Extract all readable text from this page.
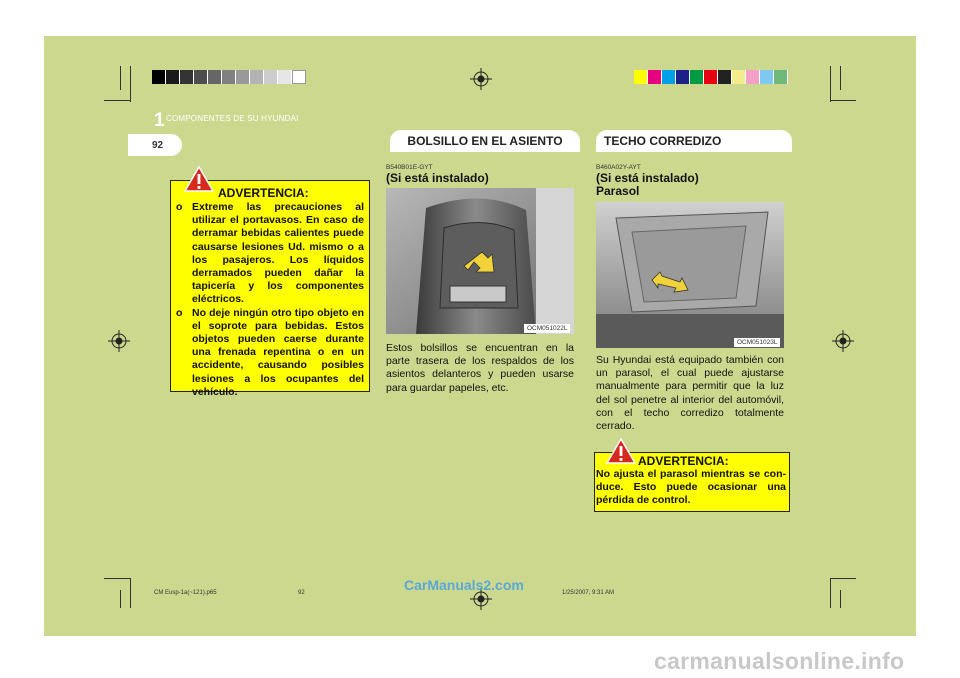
1 COMPONENTES DE SU HYUNDAI
92	BOLSILLO EN EL ASIENTO	TECHO CORREDIZO
ADVERTENCIA:
o Extreme las precauciones al utilizar el portavasos. En caso de derramar bebidas calientes puede causarse lesiones Ud. mismo o a los pasajeros. Los líquidos derramados pueden dañar la tapicería y los componentes eléctricos.
o No deje ningún otro tipo objeto en el soprote para bebidas. Estos objetos pueden caerse durante una frenada repentina o en un accidente, causando posibles lesiones a los ocupantes del vehículo.
B540B01E-GYT
(Si está instalado)
OCM051022L
Estos bolsillos se encuentran en la parte trasera de los respaldos de los asientos delanteros y pueden usarse para guardar papeles, etc.
B460A02Y-AYT
(Si está instalado)
Parasol
OCM051023L
Su Hyundai está equipado también con un parasol, el cual puede ajustarse manualmente para permitir que la luz del sol penetre al interior del automóvil, con el techo corredizo totalmente cerrado.
ADVERTENCIA:
No ajusta el parasol mientras se con-duce. Esto puede ocasionar una pérdida de control.
CM Eusp-1a(~121).p65	92	1/25/2007, 9:31 AM
CarManuals2.com
carmanualsonline.info
